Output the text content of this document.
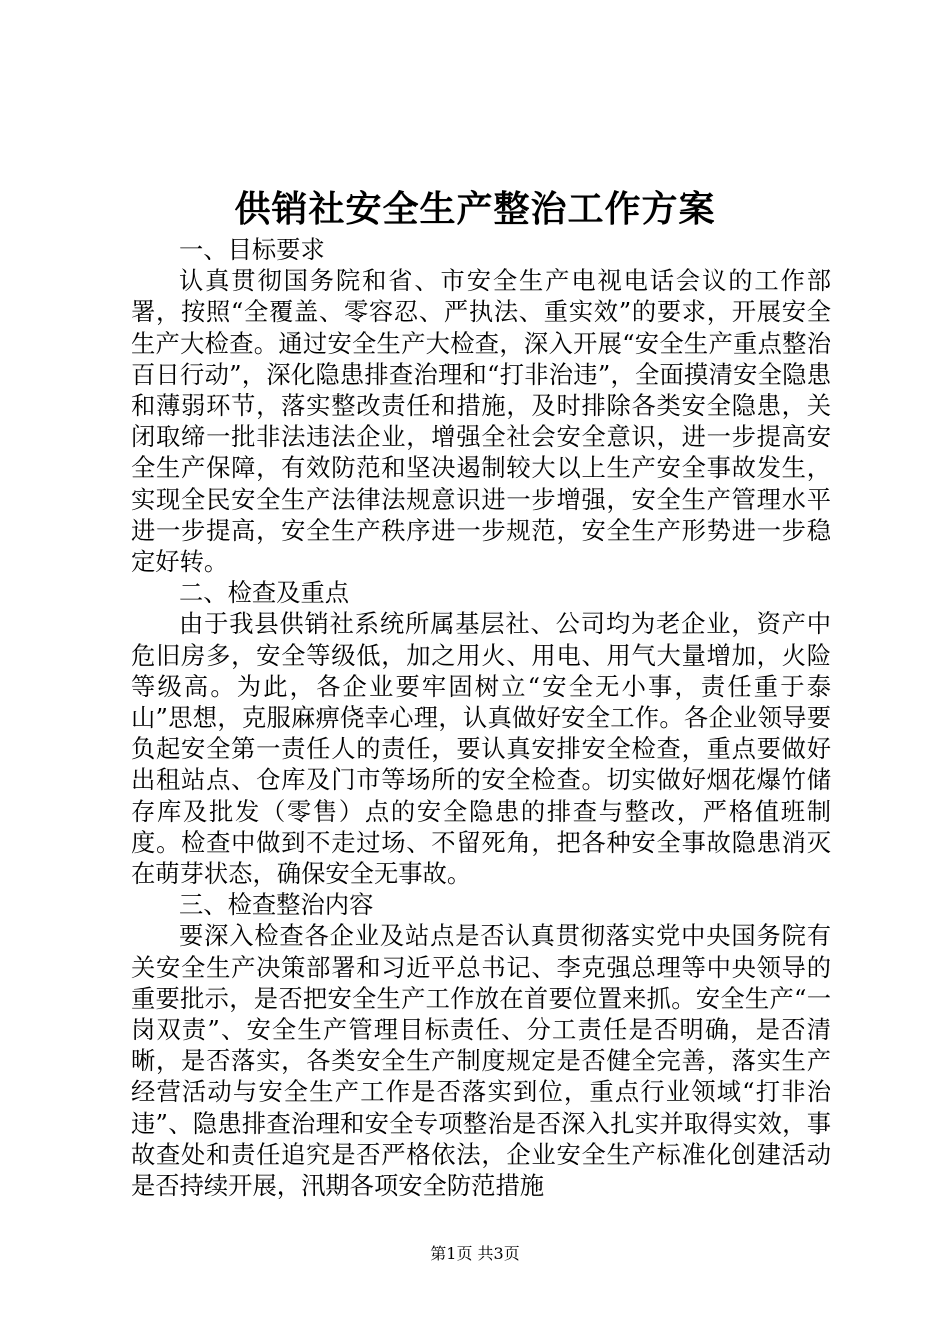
供销社安全生产整治工作方案

一、目标要求

认真贯彻国务院和省、市安全生产电视电话会议的工作部署，按照“全覆盖、零容忍、严执法、重实效”的要求，开展安全生产大检查。通过安全生产大检查，深入开展“安全生产重点整治百日行动”，深化隐患排查治理和“打非治违”，全面摸清安全隐患和薄弱环节，落实整改责任和措施，及时排除各类安全隐患，关闭取缔一批非法违法企业，增强全社会安全意识，进一步提高安全生产保障，有效防范和坚决遏制较大以上生产安全事故发生，实现全民安全生产法律法规意识进一步增强，安全生产管理水平进一步提高，安全生产秩序进一步规范，安全生产形势进一步稳定好转。

二、检查及重点

由于我县供销社系统所属基层社、公司均为老企业，资产中危旧房多，安全等级低，加之用火、用电、用气大量增加，火险等级高。为此，各企业要牢固树立“安全无小事，责任重于泰山”思想，克服麻痹侥幸心理，认真做好安全工作。各企业领导要负起安全第一责任人的责任，要认真安排安全检查，重点要做好出租站点、仓库及门市等场所的安全检查。切实做好烟花爆竹储存库及批发（零售）点的安全隐患的排查与整改，严格值班制度。检查中做到不走过场、不留死角，把各种安全事故隐患消灭在萌芽状态，确保安全无事故。

三、检查整治内容

要深入检查各企业及站点是否认真贯彻落实党中央国务院有关安全生产决策部署和习近平总书记、李克强总理等中央领导的重要批示，是否把安全生产工作放在首要位置来抓。安全生产“一岗双责”、安全生产管理目标责任、分工责任是否明确，是否清晰，是否落实，各类安全生产制度规定是否健全完善，落实生产经营活动与安全生产工作是否落实到位，重点行业领域“打非治违”、隐患排查治理和安全专项整治是否深入扎实并取得实效，事故查处和责任追究是否严格依法，企业安全生产标准化创建活动是否持续开展，汛期各项安全防范措施

第1页 共3页
